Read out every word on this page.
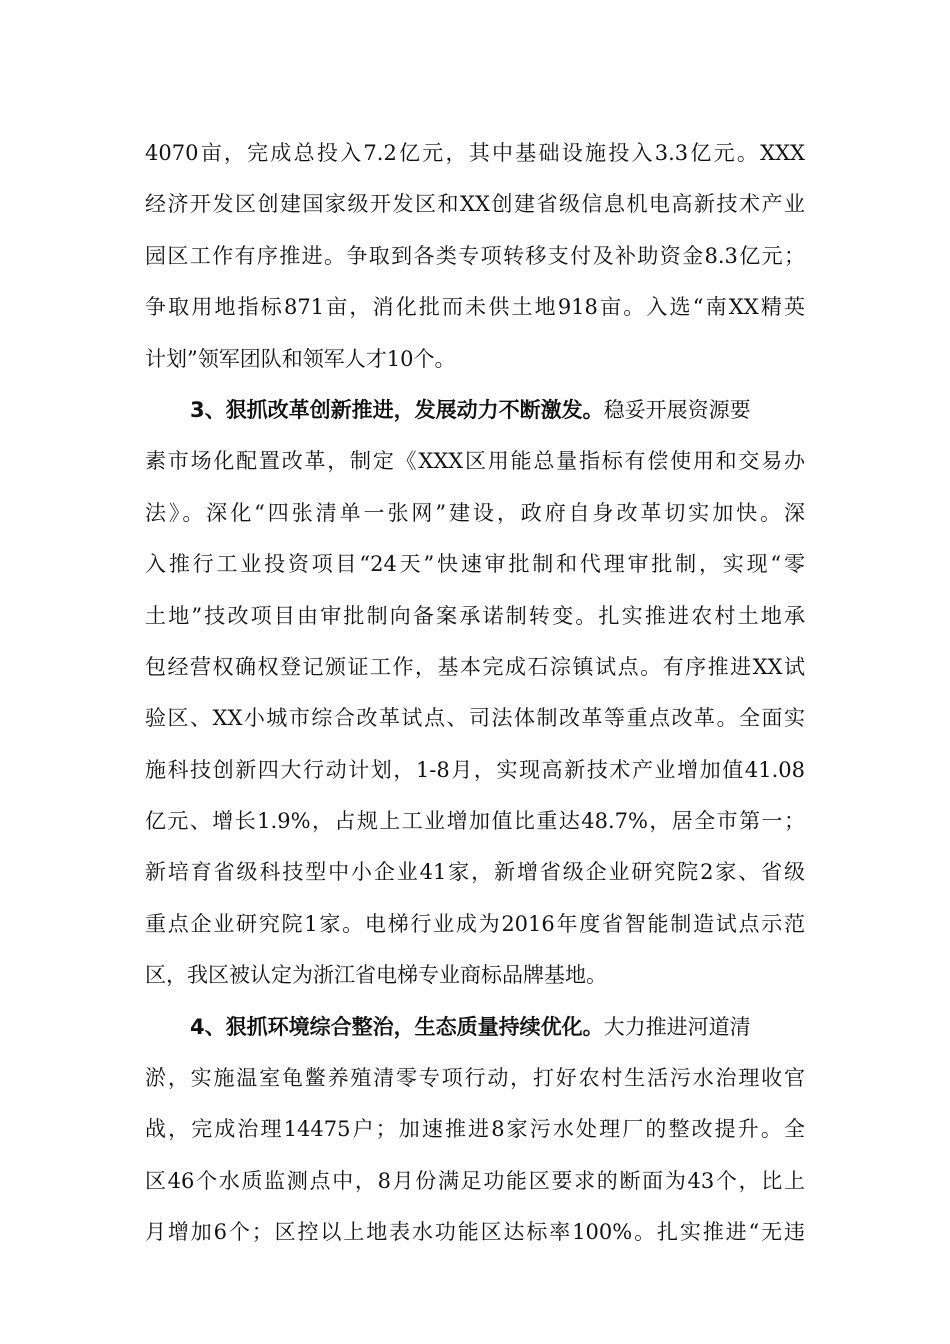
4070亩，完成总投入7.2亿元，其中基础设施投入3.3亿元。XXX
经济开发区创建国家级开发区和XX创建省级信息机电高新技术产业
园区工作有序推进。争取到各类专项转移支付及补助资金8.3亿元；
争取用地指标871亩，消化批而未供土地918亩。入选“南XX精英
计划”领军团队和领军人才10个。
3、狠抓改革创新推进，发展动力不断激发。稳妥开展资源要
素市场化配置改革，制定《XXX区用能总量指标有偿使用和交易办
法》。深化“四张清单一张网”建设，政府自身改革切实加快。深
入推行工业投资项目“24天”快速审批制和代理审批制，实现“零
土地”技改项目由审批制向备案承诺制转变。扎实推进农村土地承
包经营权确权登记颁证工作，基本完成石淙镇试点。有序推进XX试
验区、XX小城市综合改革试点、司法体制改革等重点改革。全面实
施科技创新四大行动计划，1-8月，实现高新技术产业增加值41.08
亿元、增长1.9%，占规上工业增加值比重达48.7%，居全市第一；
新培育省级科技型中小企业41家，新增省级企业研究院2家、省级
重点企业研究院1家。电梯行业成为2016年度省智能制造试点示范
区，我区被认定为浙江省电梯专业商标品牌基地。
4、狠抓环境综合整治，生态质量持续优化。大力推进河道清
淤，实施温室龟鳖养殖清零专项行动，打好农村生活污水治理收官
战，完成治理14475户；加速推进8家污水处理厂的整改提升。全
区46个水质监测点中，8月份满足功能区要求的断面为43个，比上
月增加6个；区控以上地表水功能区达标率100%。扎实推进“无违
